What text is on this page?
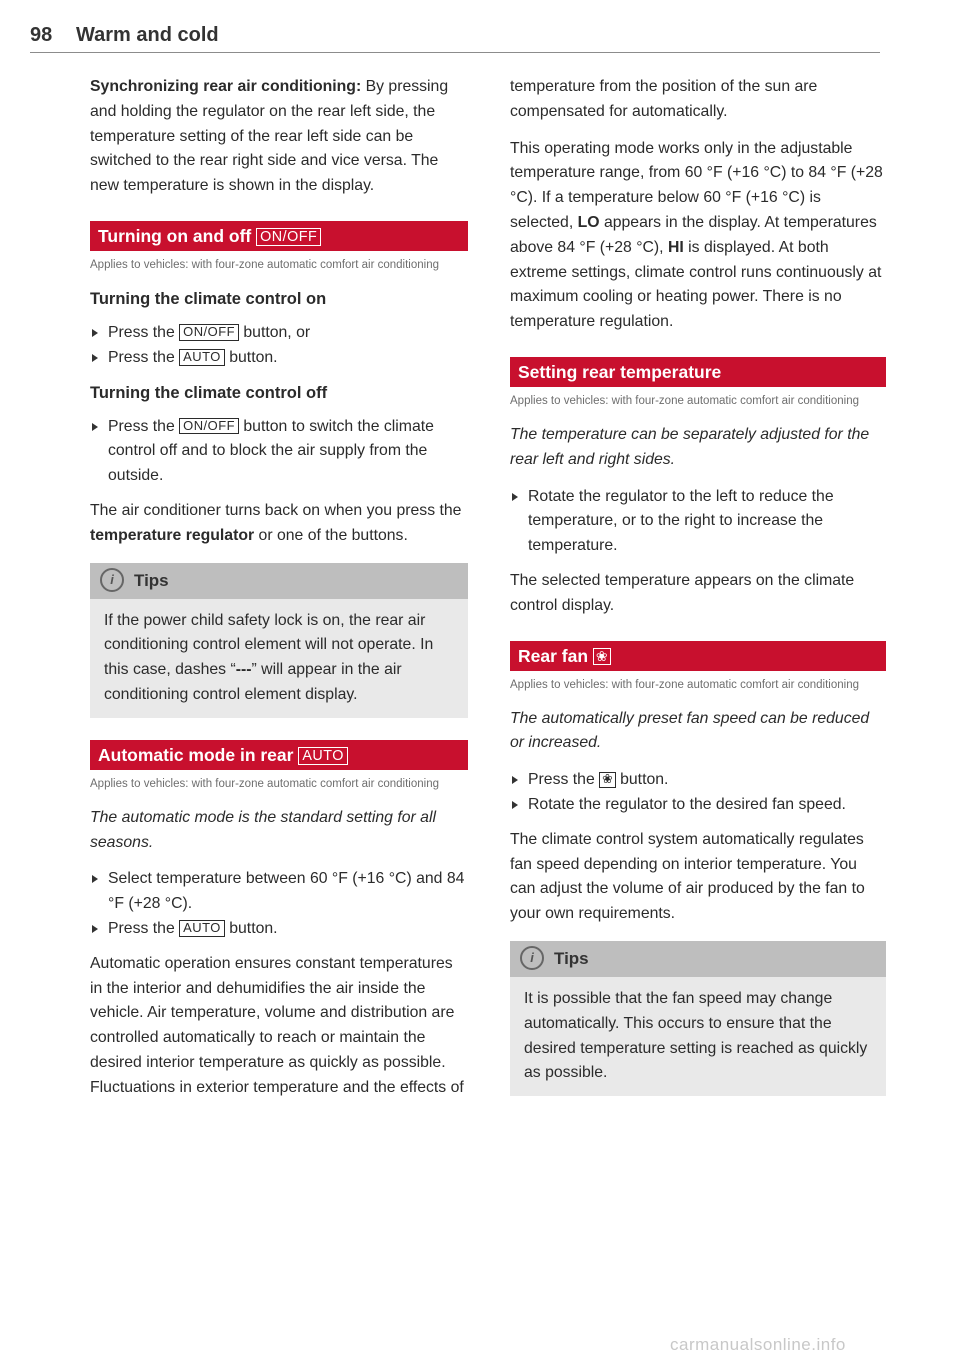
98 Warm and cold

Synchronizing rear air conditioning: By pressing and holding the regulator on the rear left side, the temperature setting of the rear left side can be switched to the rear right side and vice versa. The new temperature is shown in the display.

Turning on and off ON/OFF
Applies to vehicles: with four-zone automatic comfort air conditioning
Turning the climate control on
Press the ON/OFF button, or
Press the AUTO button.
Turning the climate control off
Press the ON/OFF button to switch the climate control off and to block the air supply from the outside.

The air conditioner turns back on when you press the temperature regulator or one of the buttons.

i Tips
If the power child safety lock is on, the rear air conditioning control element will not operate. In this case, dashes “---” will appear in the air conditioning control element display.
Automatic mode in rear AUTO
Applies to vehicles: with four-zone automatic comfort air conditioning

The automatic mode is the standard setting for all seasons.

Select temperature between 60 °F (+16 °C) and 84 °F (+28 °C).
Press the AUTO button.

Automatic operation ensures constant temperatures in the interior and dehumidifies the air inside the vehicle. Air temperature, volume and distribution are controlled automatically to reach or maintain the desired interior temperature as quickly as possible. Fluctuations in exterior temperature and the effects of

temperature from the position of the sun are compensated for automatically.

This operating mode works only in the adjustable temperature range, from 60 °F (+16 °C) to 84 °F (+28 °C). If a temperature below 60 °F (+16 °C) is selected, LO appears in the display. At temperatures above 84 °F (+28 °C), HI is displayed. At both extreme settings, climate control runs continuously at maximum cooling or heating power. There is no temperature regulation.

Setting rear temperature
Applies to vehicles: with four-zone automatic comfort air conditioning

The temperature can be separately adjusted for the rear left and right sides.

Rotate the regulator to the left to reduce the temperature, or to the right to increase the temperature.

The selected temperature appears on the climate control display.

Rear fan ❀
Applies to vehicles: with four-zone automatic comfort air conditioning

The automatically preset fan speed can be reduced or increased.

Press the ❀ button.
Rotate the regulator to the desired fan speed.

The climate control system automatically regulates fan speed depending on interior temperature. You can adjust the volume of air produced by the fan to your own requirements.

i Tips
It is possible that the fan speed may change automatically. This occurs to ensure that the desired temperature setting is reached as quickly as possible.
carmanualsonline.info
